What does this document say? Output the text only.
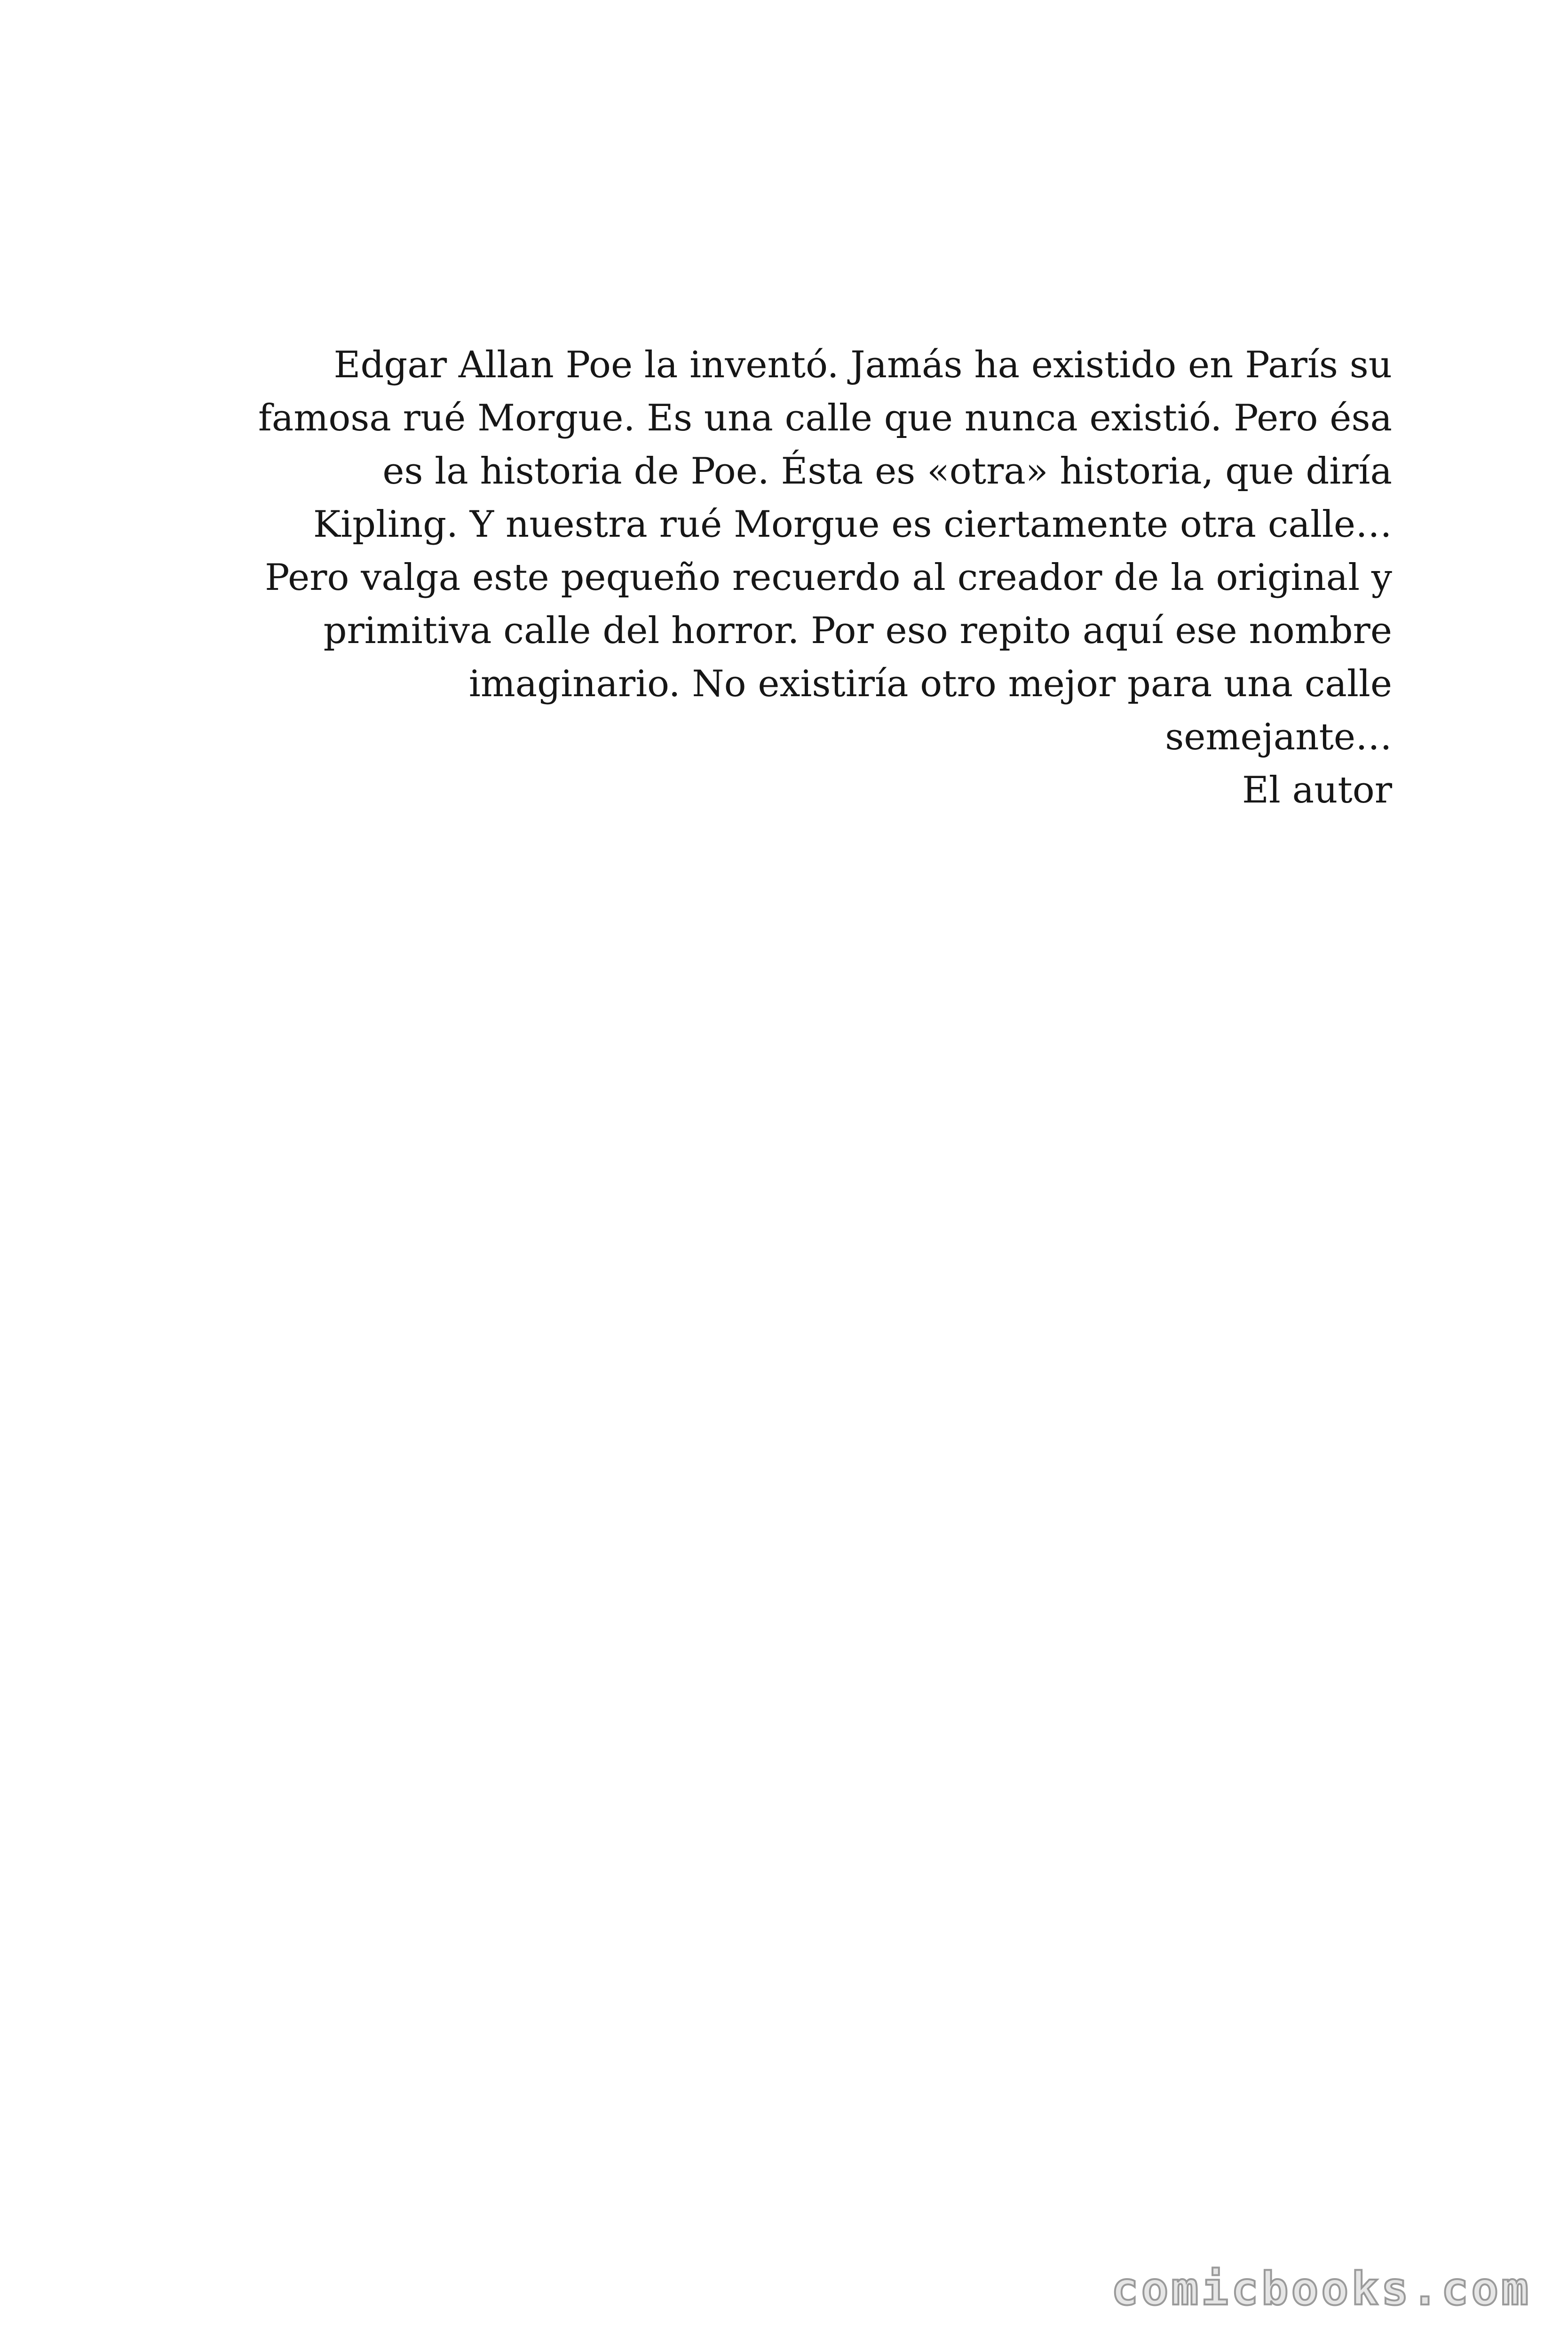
Edgar Allan Poe la inventó. Jamás ha existido en París su famosa rué Morgue. Es una calle que nunca existió. Pero ésa es la historia de Poe. Ésta es «otra» historia, que diría Kipling. Y nuestra rué Morgue es ciertamente otra calle…

Pero valga este pequeño recuerdo al creador de la original y primitiva calle del horror. Por eso repito aquí ese nombre imaginario. No existiría otro mejor para una calle semejante…

El autor

comicbooks.com
